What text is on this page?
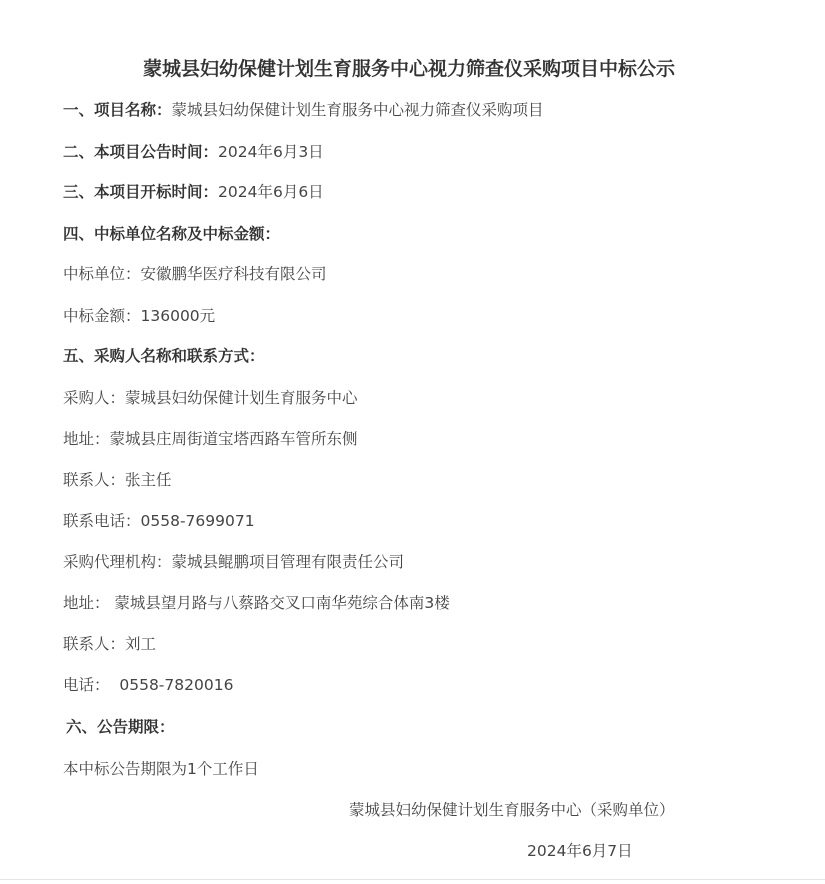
蒙城县妇幼保健计划生育服务中心视力筛查仪采购项目中标公示
一、项目名称：蒙城县妇幼保健计划生育服务中心视力筛查仪采购项目
二、本项目公告时间：2024年6月3日
三、本项目开标时间：2024年6月6日
四、中标单位名称及中标金额：
中标单位：安徽鹏华医疗科技有限公司
中标金额：136000元
五、采购人名称和联系方式：
采购人：蒙城县妇幼保健计划生育服务中心
地址：蒙城县庄周街道宝塔西路车管所东侧
联系人：张主任
联系电话：0558-7699071
采购代理机构：蒙城县鲲鹏项目管理有限责任公司
地址： 蒙城县望月路与八蔡路交叉口南华苑综合体南3楼
联系人：刘工
电话：  0558-7820016
六、公告期限：
本中标公告期限为1个工作日
蒙城县妇幼保健计划生育服务中心（采购单位）
2024年6月7日
